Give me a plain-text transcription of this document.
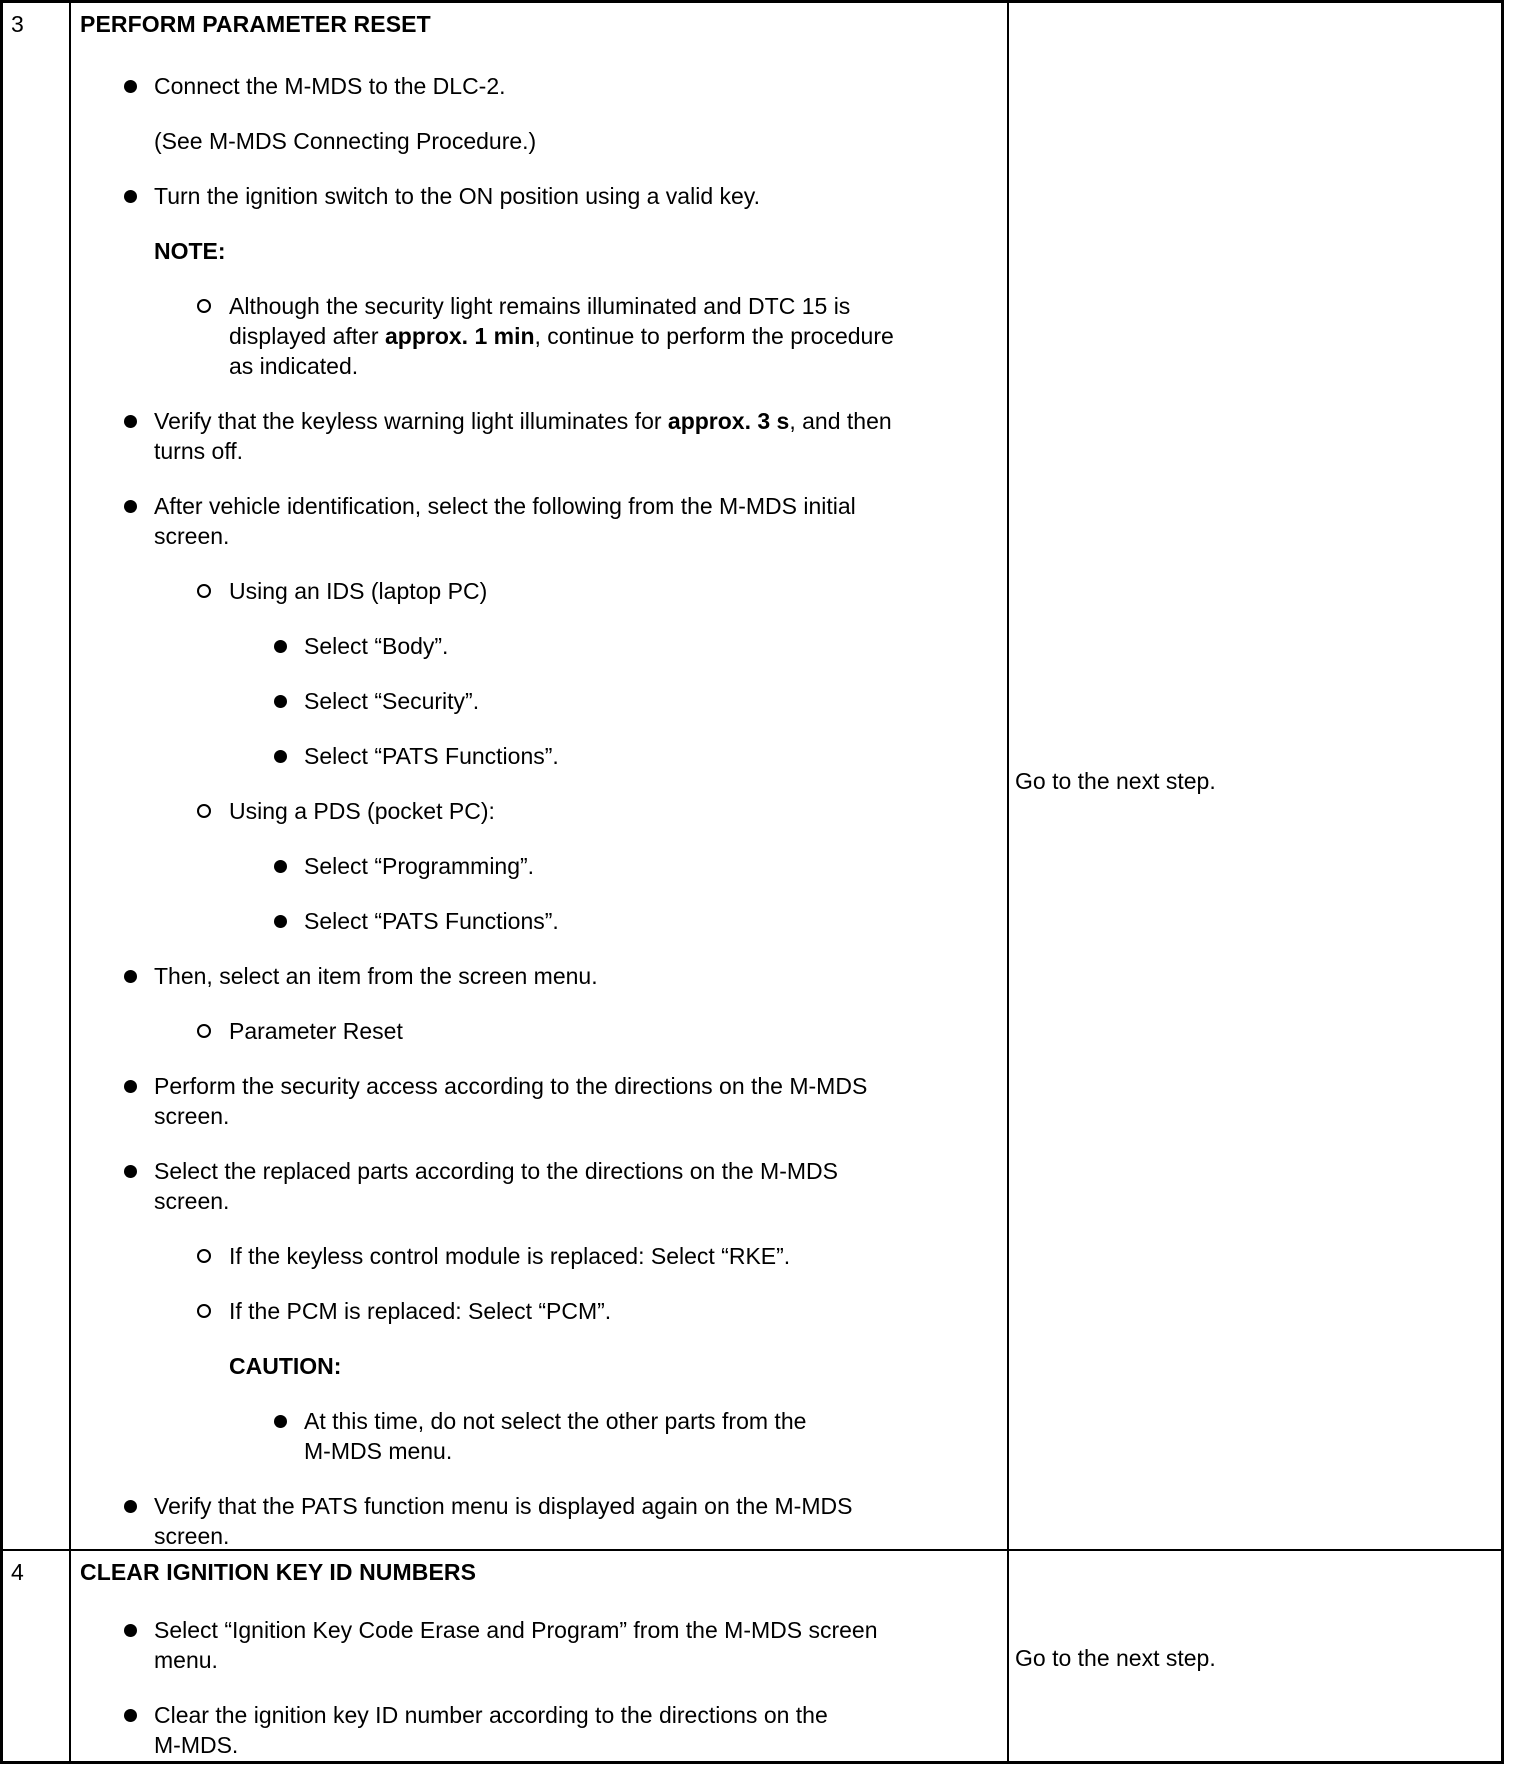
3 PERFORM PARAMETER RESET
Connect the M-MDS to the DLC-2.
(See M-MDS Connecting Procedure.)
Turn the ignition switch to the ON position using a valid key.
NOTE:
Although the security light remains illuminated and DTC 15 is
displayed after approx. 1 min, continue to perform the procedure
as indicated.
Verify that the keyless warning light illuminates for approx. 3 s, and then
turns off.
After vehicle identification, select the following from the M-MDS initial
screen.
Using an IDS (laptop PC)
Select “Body”.
Select “Security”.
Select “PATS Functions”.
Using a PDS (pocket PC):
Select “Programming”.
Select “PATS Functions”.
Then, select an item from the screen menu.
Parameter Reset
Perform the security access according to the directions on the M-MDS
screen.
Select the replaced parts according to the directions on the M-MDS
screen.
If the keyless control module is replaced: Select “RKE”.
If the PCM is replaced: Select “PCM”.
CAUTION:
At this time, do not select the other parts from the
M-MDS menu.
Verify that the PATS function menu is displayed again on the M-MDS
screen.
Go to the next step.
4 CLEAR IGNITION KEY ID NUMBERS
Select “Ignition Key Code Erase and Program” from the M-MDS screen
menu.
Clear the ignition key ID number according to the directions on the
M-MDS.
Go to the next step.
